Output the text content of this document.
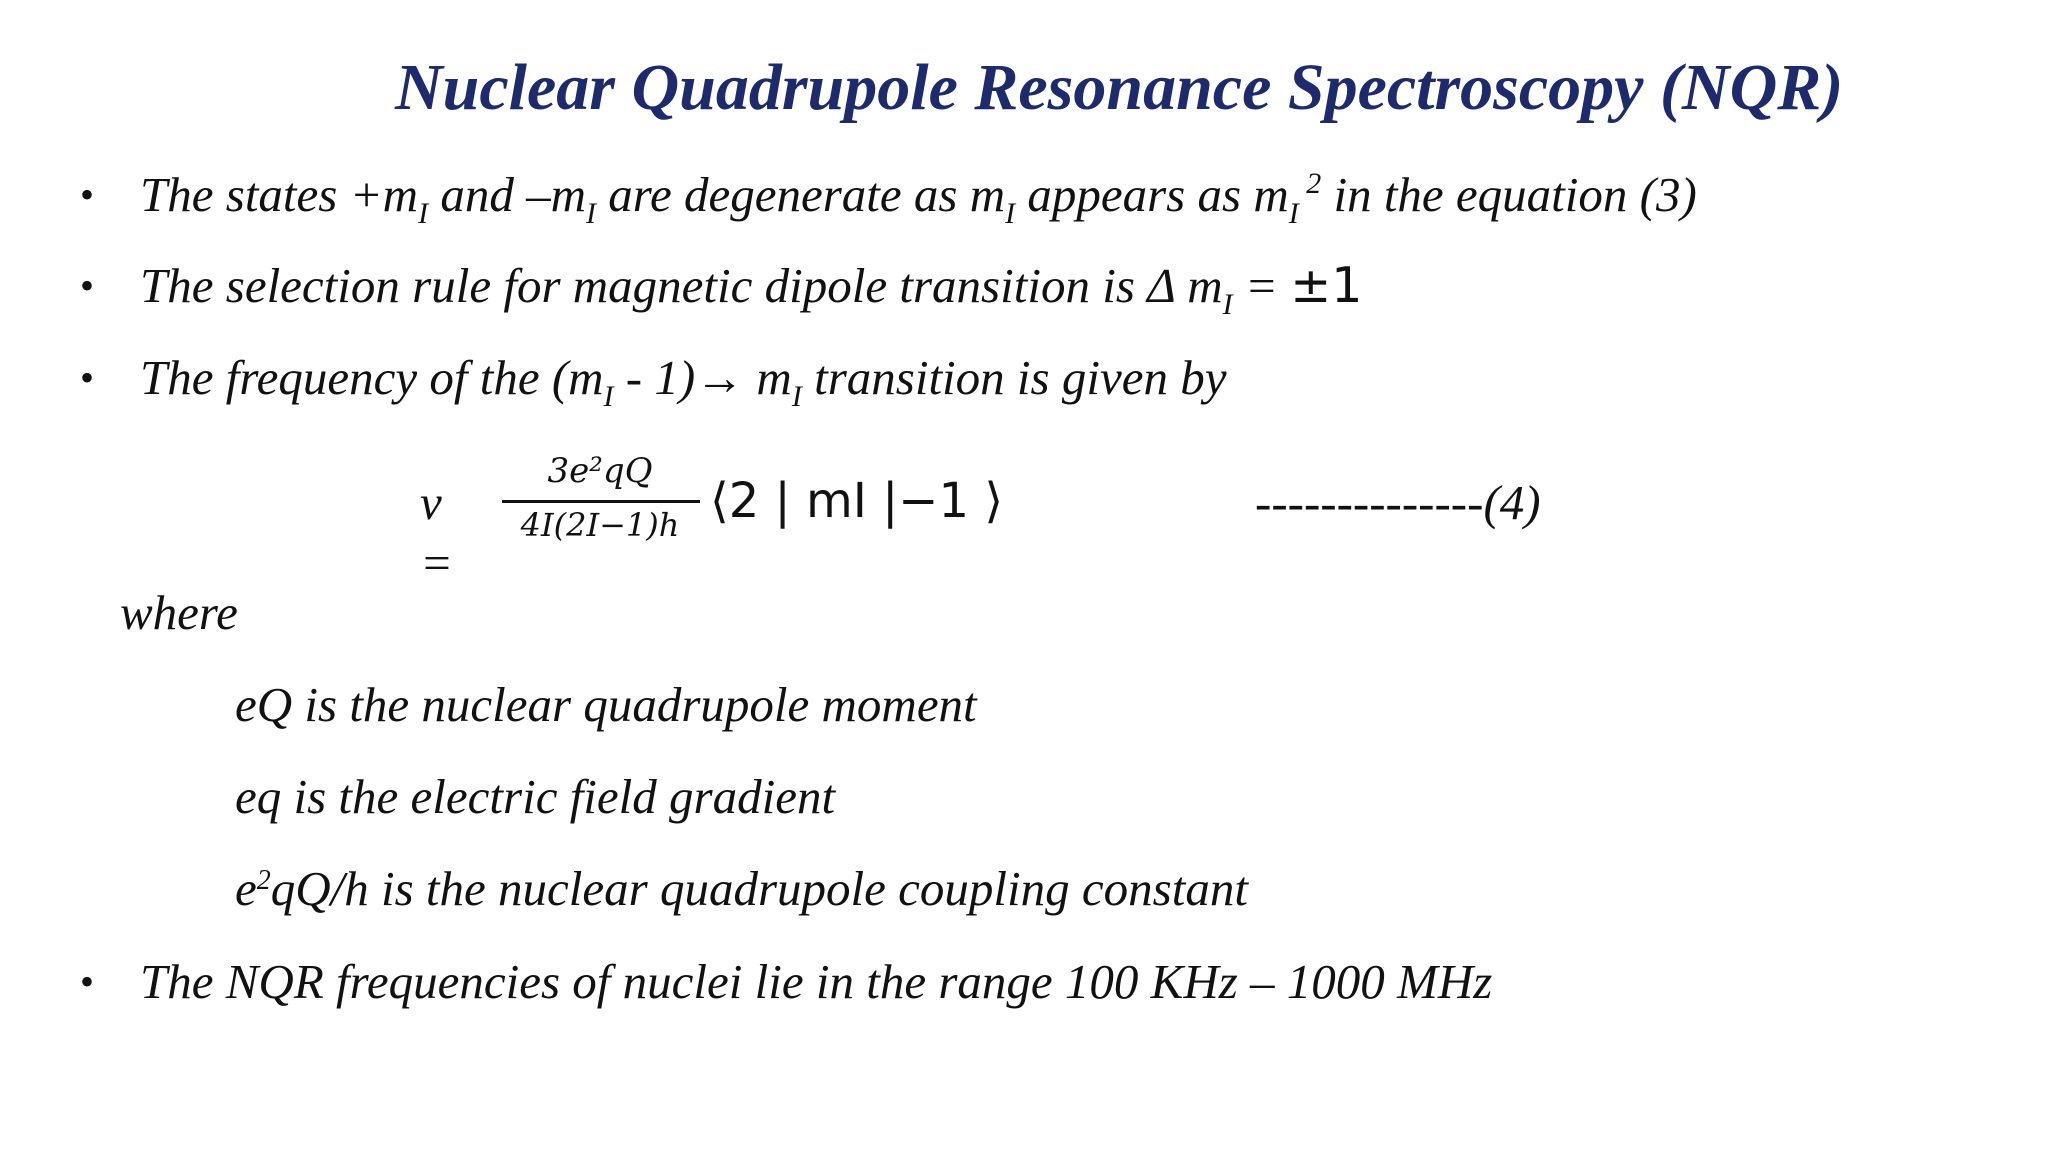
Nuclear Quadrupole Resonance Spectroscopy (NQR)
• The states $+m_I$ and $-m_I$ are degenerate as $m_I$ appears as $m_I$ $^2$ in the equation (3)
• The selection rule for magnetic dipole transition is Δ $m_I = \pm 1$
• The frequency of the $(m_I - 1)\to m_I$ transition is given by
ν =
3e²qQ
4I(2I−1)h ⟨2 | mI |−1 ⟩	--------------(4)
where
eQ is the nuclear quadrupole moment
eq is the electric field gradient
$e^2qQ/h$ is the nuclear quadrupole coupling constant
• The NQR frequencies of nuclei lie in the range 100 KHz – 1000 MHz
